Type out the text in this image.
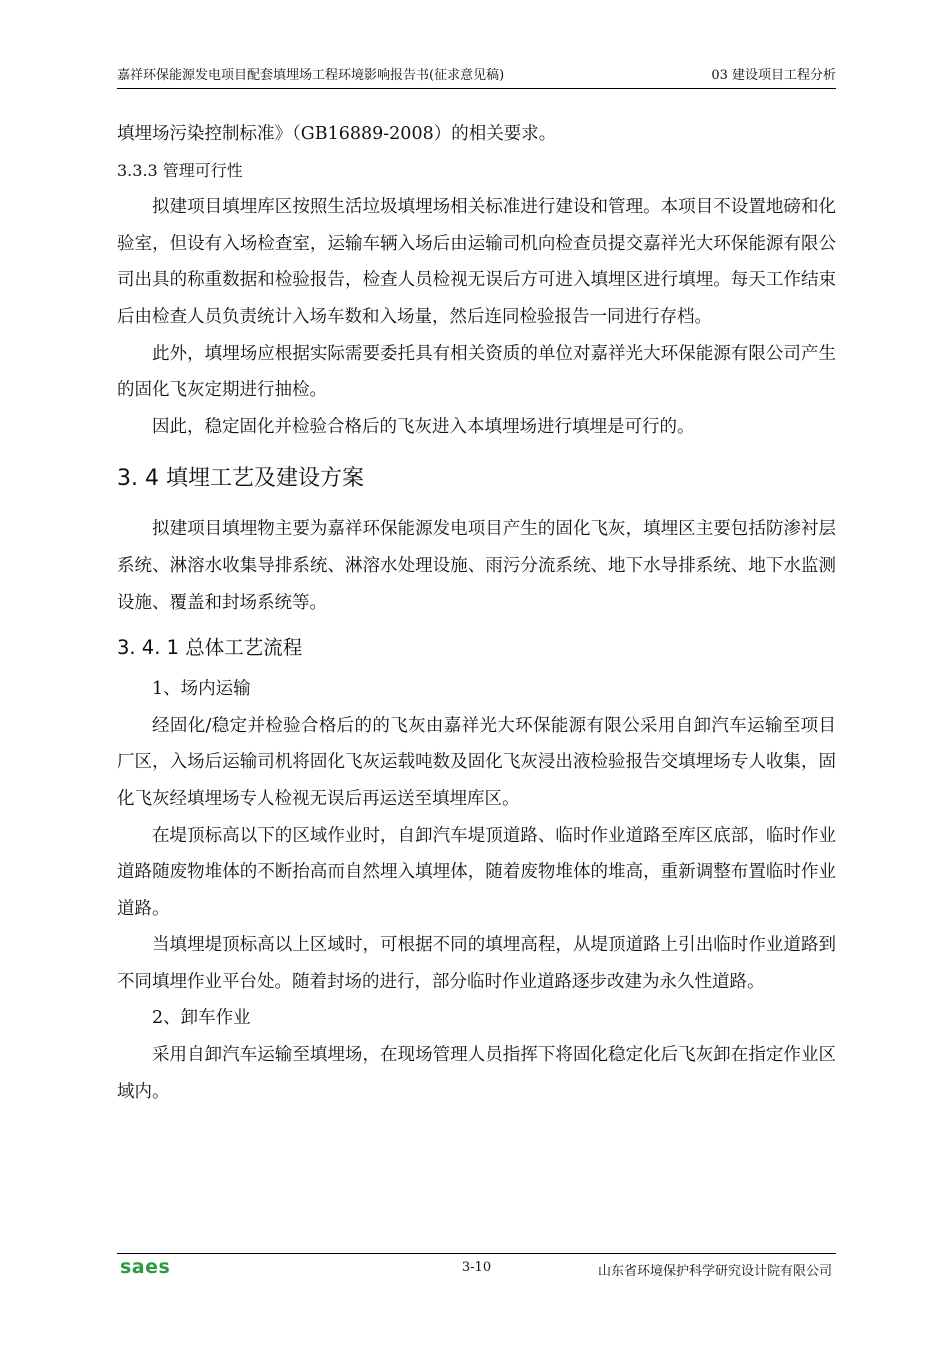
嘉祥环保能源发电项目配套填埋场工程环境影响报告书(征求意见稿)	03 建设项目工程分析

填埋场污染控制标准》（GB16889-2008）的相关要求。

3.3.3 管理可行性

拟建项目填埋库区按照生活垃圾填埋场相关标准进行建设和管理。本项目不设置地磅和化验室，但设有入场检查室，运输车辆入场后由运输司机向检查员提交嘉祥光大环保能源有限公司出具的称重数据和检验报告，检查人员检视无误后方可进入填埋区进行填埋。每天工作结束后由检查人员负责统计入场车数和入场量，然后连同检验报告一同进行存档。

此外，填埋场应根据实际需要委托具有相关资质的单位对嘉祥光大环保能源有限公司产生的固化飞灰定期进行抽检。

因此，稳定固化并检验合格后的飞灰进入本填埋场进行填埋是可行的。

3. 4 填埋工艺及建设方案

拟建项目填埋物主要为嘉祥环保能源发电项目产生的固化飞灰，填埋区主要包括防渗衬层系统、淋溶水收集导排系统、淋溶水处理设施、雨污分流系统、地下水导排系统、地下水监测设施、覆盖和封场系统等。

3. 4. 1 总体工艺流程

1、场内运输

经固化/稳定并检验合格后的的飞灰由嘉祥光大环保能源有限公采用自卸汽车运输至项目厂区，入场后运输司机将固化飞灰运载吨数及固化飞灰浸出液检验报告交填埋场专人收集，固化飞灰经填埋场专人检视无误后再运送至填埋库区。

在堤顶标高以下的区域作业时，自卸汽车堤顶道路、临时作业道路至库区底部，临时作业道路随废物堆体的不断抬高而自然埋入填埋体，随着废物堆体的堆高，重新调整布置临时作业道路。

当填埋堤顶标高以上区域时，可根据不同的填埋高程，从堤顶道路上引出临时作业道路到不同填埋作业平台处。随着封场的进行，部分临时作业道路逐步改建为永久性道路。

2、卸车作业

采用自卸汽车运输至填埋场，在现场管理人员指挥下将固化稳定化后飞灰卸在指定作业区域内。

saes	3-10	山东省环境保护科学研究设计院有限公司
